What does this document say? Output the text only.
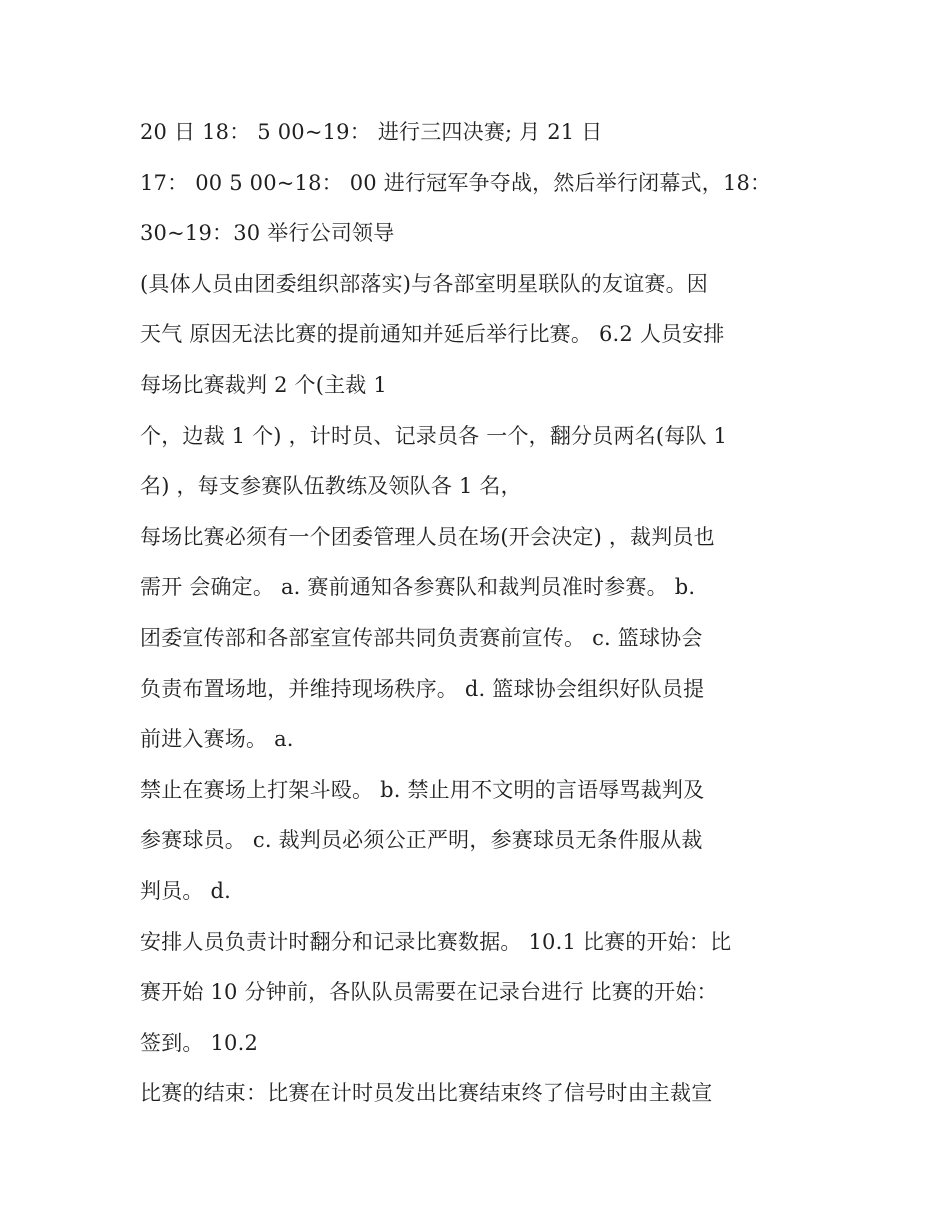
20 日 18： 5 00~19： 进行三四决赛; 月 21 日
17： 00 5 00~18： 00 进行冠军争夺战，然后举行闭幕式，18：
30~19：30 举行公司领导
(具体人员由团委组织部落实)与各部室明星联队的友谊赛。因
天气 原因无法比赛的提前通知并延后举行比赛。 6.2 人员安排
每场比赛裁判 2 个(主裁 1
个，边裁 1 个) ，计时员、记录员各 一个，翻分员两名(每队 1
名) ，每支参赛队伍教练及领队各 1 名，
每场比赛必须有一个团委管理人员在场(开会决定) ，裁判员也
需开 会确定。 a. 赛前通知各参赛队和裁判员准时参赛。 b.
团委宣传部和各部室宣传部共同负责赛前宣传。 c. 篮球协会
负责布置场地，并维持现场秩序。 d. 篮球协会组织好队员提
前进入赛场。 a.
禁止在赛场上打架斗殴。 b. 禁止用不文明的言语辱骂裁判及
参赛球员。 c. 裁判员必须公正严明，参赛球员无条件服从裁
判员。 d.
安排人员负责计时翻分和记录比赛数据。 10.1 比赛的开始：比
赛开始 10 分钟前，各队队员需要在记录台进行 比赛的开始：
签到。 10.2
比赛的结束：比赛在计时员发出比赛结束终了信号时由主裁宣
